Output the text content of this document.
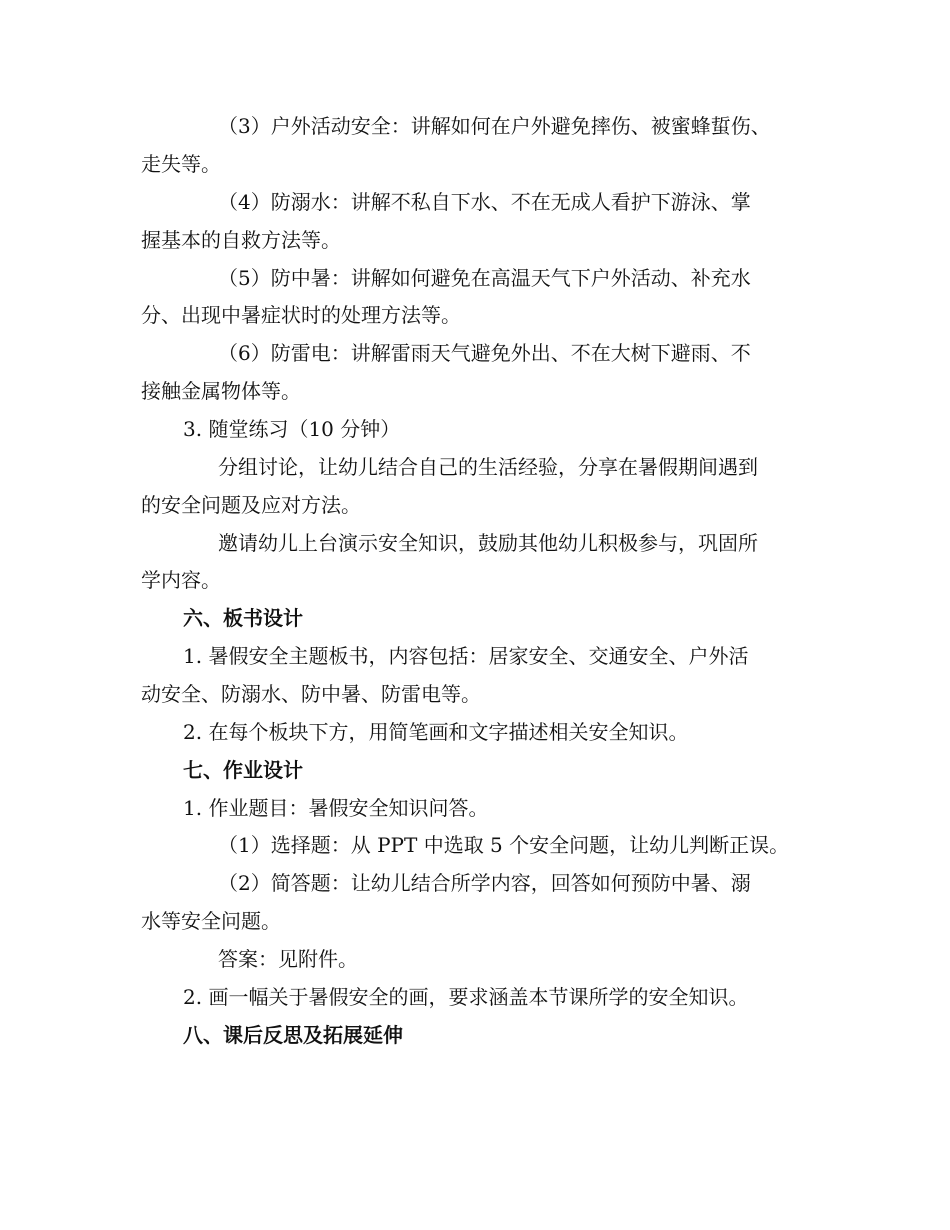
（3）户外活动安全：讲解如何在户外避免摔伤、被蜜蜂蜇伤、
走失等。
（4）防溺水：讲解不私自下水、不在无成人看护下游泳、掌
握基本的自救方法等。
（5）防中暑：讲解如何避免在高温天气下户外活动、补充水
分、出现中暑症状时的处理方法等。
（6）防雷电：讲解雷雨天气避免外出、不在大树下避雨、不
接触金属物体等。
3. 随堂练习（10 分钟）
分组讨论，让幼儿结合自己的生活经验，分享在暑假期间遇到
的安全问题及应对方法。
邀请幼儿上台演示安全知识，鼓励其他幼儿积极参与，巩固所
学内容。
六、板书设计
1. 暑假安全主题板书，内容包括：居家安全、交通安全、户外活
动安全、防溺水、防中暑、防雷电等。
2. 在每个板块下方，用简笔画和文字描述相关安全知识。
七、作业设计
1. 作业题目：暑假安全知识问答。
（1）选择题：从 PPT 中选取 5 个安全问题，让幼儿判断正误。
（2）简答题：让幼儿结合所学内容，回答如何预防中暑、溺
水等安全问题。
答案：见附件。
2. 画一幅关于暑假安全的画，要求涵盖本节课所学的安全知识。
八、课后反思及拓展延伸
